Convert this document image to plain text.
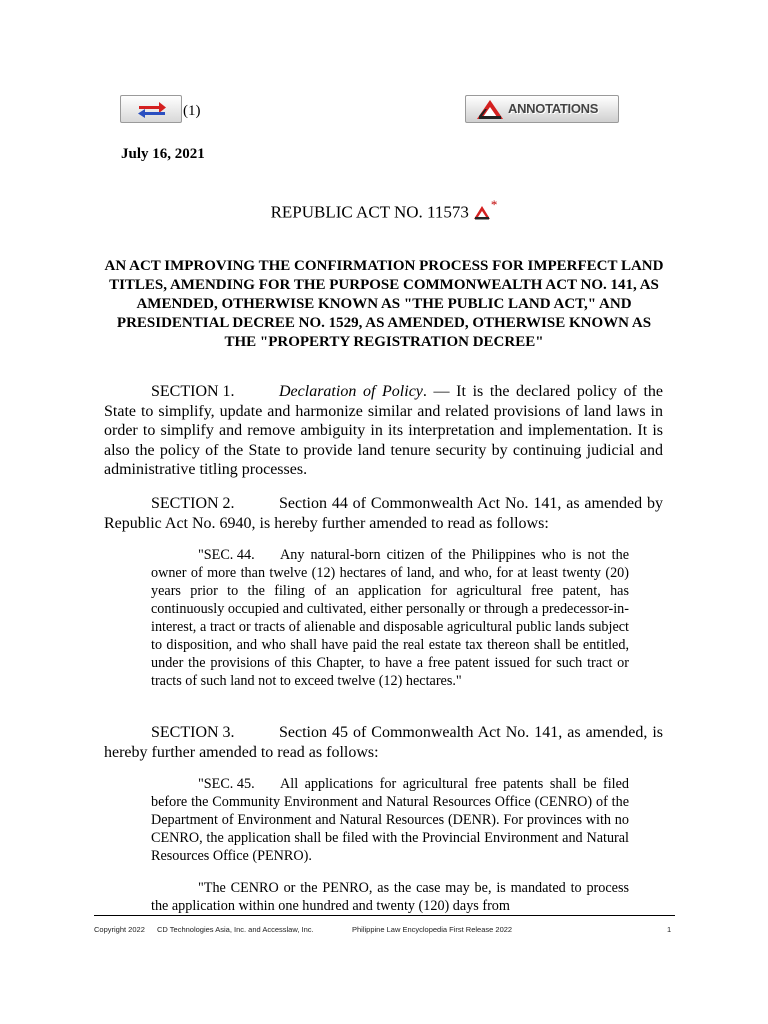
(1)	ANNOTATIONS
July 16, 2021
REPUBLIC ACT NO. 11573 *
AN ACT IMPROVING THE CONFIRMATION PROCESS FOR IMPERFECT LAND TITLES, AMENDING FOR THE PURPOSE COMMONWEALTH ACT NO. 141, AS AMENDED, OTHERWISE KNOWN AS "THE PUBLIC LAND ACT," AND PRESIDENTIAL DECREE NO. 1529, AS AMENDED, OTHERWISE KNOWN AS THE "PROPERTY REGISTRATION DECREE"
SECTION 1.	Declaration of Policy. — It is the declared policy of the State to simplify, update and harmonize similar and related provisions of land laws in order to simplify and remove ambiguity in its interpretation and implementation. It is also the policy of the State to provide land tenure security by continuing judicial and administrative titling processes.
SECTION 2.	Section 44 of Commonwealth Act No. 141, as amended by Republic Act No. 6940, is hereby further amended to read as follows:
"SEC. 44. Any natural-born citizen of the Philippines who is not the owner of more than twelve (12) hectares of land, and who, for at least twenty (20) years prior to the filing of an application for agricultural free patent, has continuously occupied and cultivated, either personally or through a predecessor-in-interest, a tract or tracts of alienable and disposable agricultural public lands subject to disposition, and who shall have paid the real estate tax thereon shall be entitled, under the provisions of this Chapter, to have a free patent issued for such tract or tracts of such land not to exceed twelve (12) hectares."
SECTION 3.	Section 45 of Commonwealth Act No. 141, as amended, is hereby further amended to read as follows:
"SEC. 45. All applications for agricultural free patents shall be filed before the Community Environment and Natural Resources Office (CENRO) of the Department of Environment and Natural Resources (DENR). For provinces with no CENRO, the application shall be filed with the Provincial Environment and Natural Resources Office (PENRO).
"The CENRO or the PENRO, as the case may be, is mandated to process the application within one hundred and twenty (120) days from
Copyright 2022 CD Technologies Asia, Inc. and Accesslaw, Inc.	Philippine Law Encyclopedia First Release 2022	1
